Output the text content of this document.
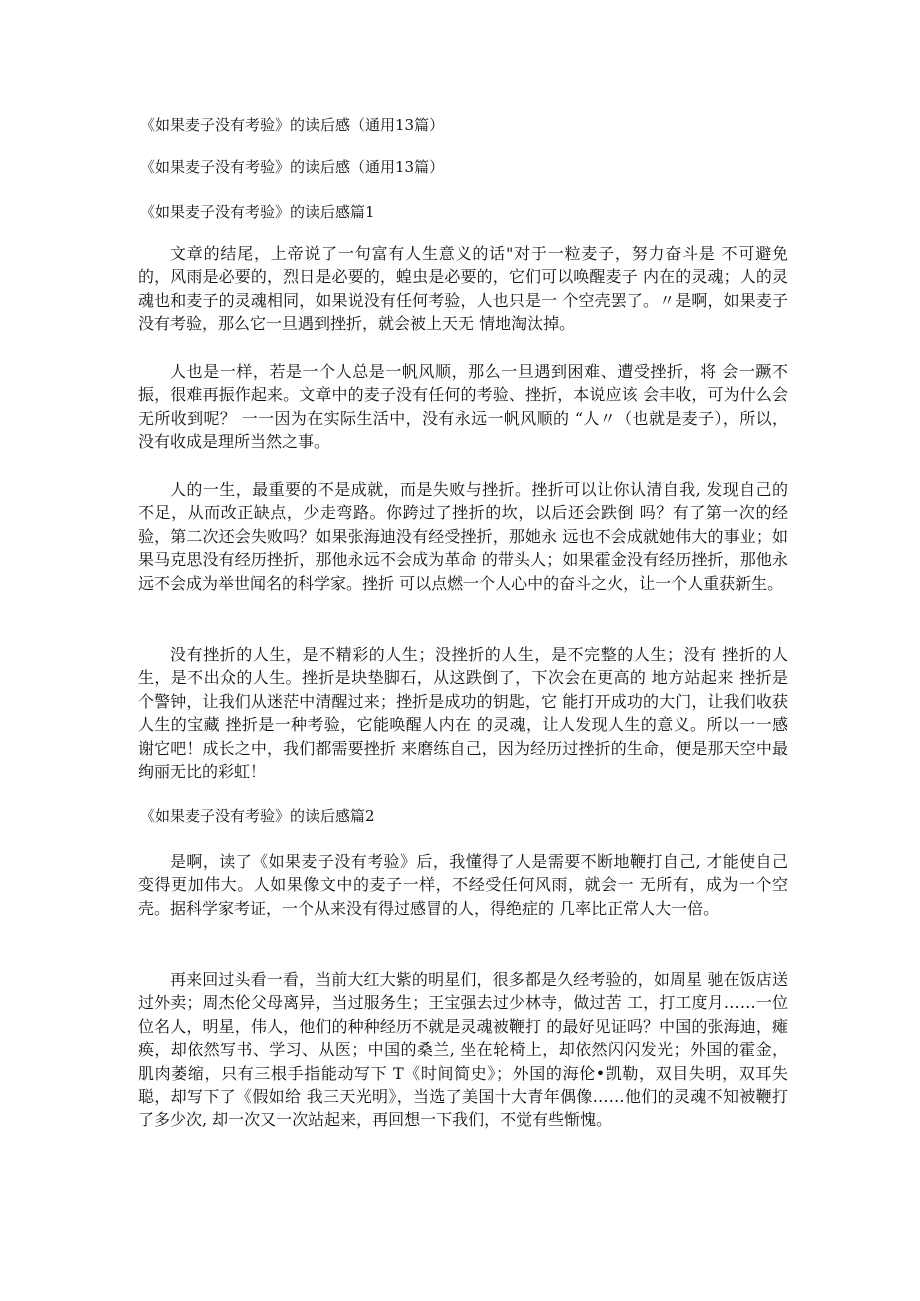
《如果麦子没有考验》的读后感（通用13篇）
《如果麦子没有考验》的读后感（通用13篇）
《如果麦子没有考验》的读后感篇1

文章的结尾，上帝说了一句富有人生意义的话"对于一粒麦子，努力奋斗是 不可避免的，风雨是必要的，烈日是必要的，蝗虫是必要的，它们可以唤醒麦子 内在的灵魂；人的灵魂也和麦子的灵魂相同，如果说没有任何考验，人也只是一 个空壳罢了。〃是啊，如果麦子没有考验，那么它一旦遇到挫折，就会被上天无 情地淘汰掉。

人也是一样，若是一个人总是一帆风顺，那么一旦遇到困难、遭受挫折，将 会一蹶不振，很难再振作起来。文章中的麦子没有任何的考验、挫折，本说应该 会丰收，可为什么会无所收到呢？ 一一因为在实际生活中，没有永远一帆风顺的 “人〃（也就是麦子），所以，没有收成是理所当然之事。

人的一生，最重要的不是成就，而是失败与挫折。挫折可以让你认清自我, 发现自己的不足，从而改正缺点，少走弯路。你跨过了挫折的坎，以后还会跌倒 吗？有了第一次的经验，第二次还会失败吗？如果张海迪没有经受挫折，那她永 远也不会成就她伟大的事业；如果马克思没有经历挫折，那他永远不会成为革命 的带头人；如果霍金没有经历挫折，那他永远不会成为举世闻名的科学家。挫折 可以点燃一个人心中的奋斗之火，让一个人重获新生。

没有挫折的人生，是不精彩的人生；没挫折的人生，是不完整的人生；没有 挫折的人生，是不出众的人生。挫折是块垫脚石，从这跌倒了，下次会在更高的 地方站起来 挫折是个警钟，让我们从迷茫中清醒过来；挫折是成功的钥匙，它 能打开成功的大门，让我们收获人生的宝藏 挫折是一种考验，它能唤醒人内在 的灵魂，让人发现人生的意义。所以一一感谢它吧！成长之中，我们都需要挫折 来磨练自己，因为经历过挫折的生命，便是那天空中最绚丽无比的彩虹！

《如果麦子没有考验》的读后感篇2

是啊，读了《如果麦子没有考验》后，我懂得了人是需要不断地鞭打自己, 才能使自己变得更加伟大。人如果像文中的麦子一样，不经受任何风雨，就会一 无所有，成为一个空壳。据科学家考证，一个从来没有得过感冒的人，得绝症的 几率比正常人大一倍。

再来回过头看一看，当前大红大紫的明星们，很多都是久经考验的，如周星 驰在饭店送过外卖；周杰伦父母离异，当过服务生；王宝强去过少林寺，做过苦 工，打工度月……一位位名人，明星，伟人，他们的种种经历不就是灵魂被鞭打 的最好见证吗？中国的张海迪，瘫痪，却依然写书、学习、从医；中国的桑兰, 坐在轮椅上，却依然闪闪发光；外国的霍金，肌肉萎缩，只有三根手指能动写下 T《时间简史》；外国的海伦•凯勒，双目失明，双耳失聪，却写下了《假如给 我三天光明》，当选了美国十大青年偶像……他们的灵魂不知被鞭打了多少次, 却一次又一次站起来，再回想一下我们，不觉有些惭愧。
